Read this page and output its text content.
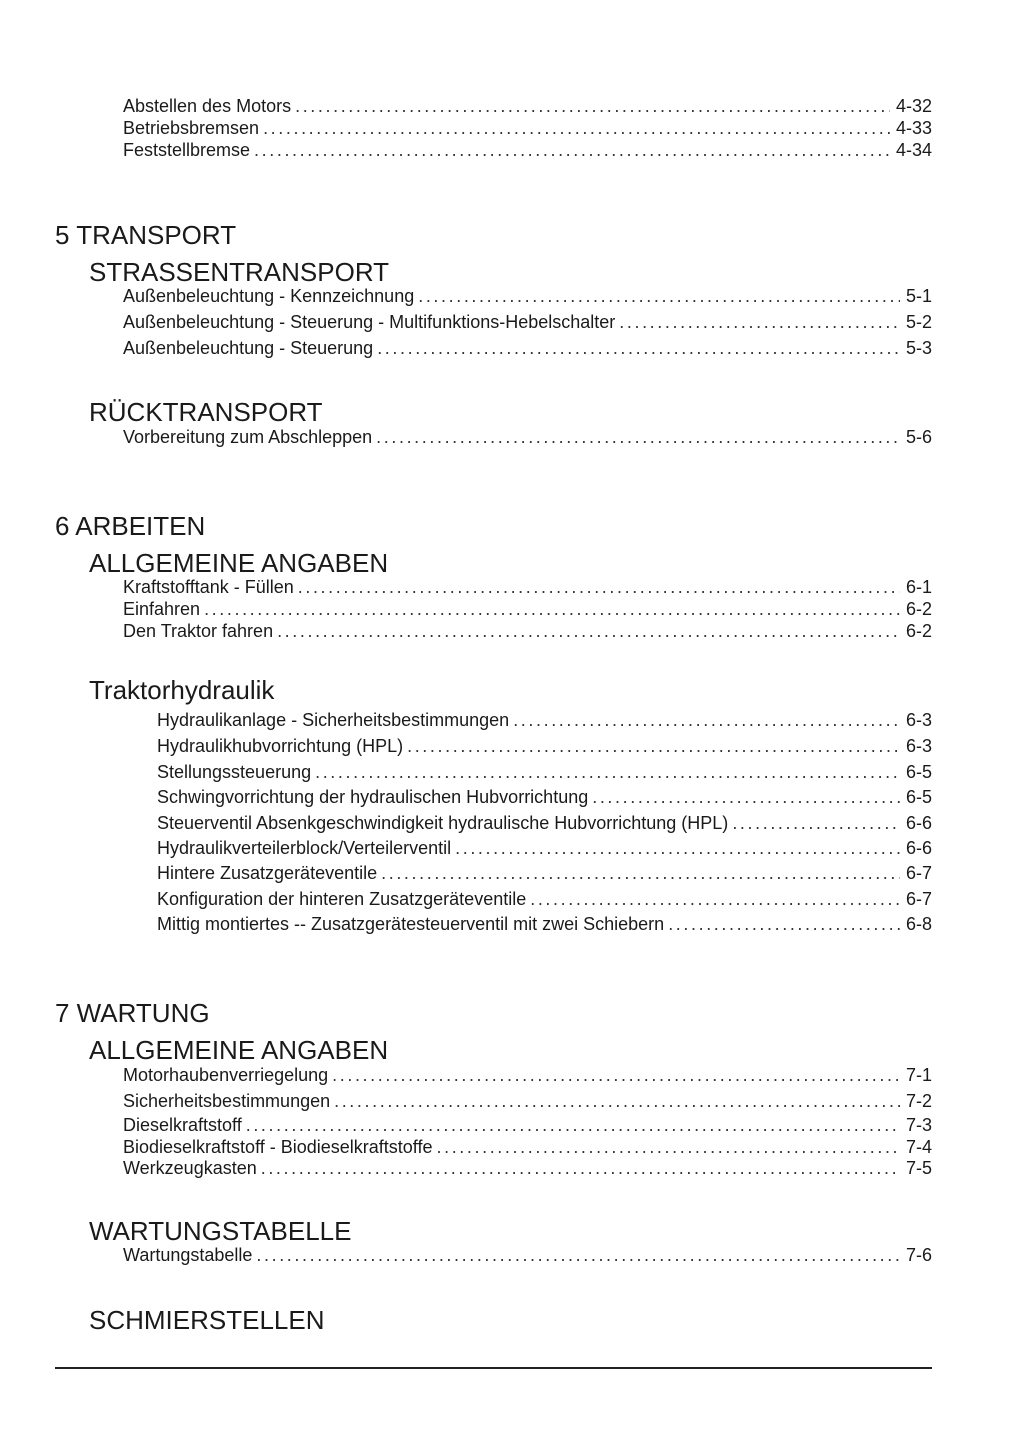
Abstellen des Motors .....	4-32
Betriebsbremsen .....	4-33
Feststellbremse .....	4-34
5 TRANSPORT
STRASSENTRANSPORT
Außenbeleuchtung - Kennzeichnung .....	5-1
Außenbeleuchtung - Steuerung - Multifunktions-Hebelschalter .....	5-2
Außenbeleuchtung - Steuerung .....	5-3
RÜCKTRANSPORT
Vorbereitung zum Abschleppen .....	5-6
6 ARBEITEN
ALLGEMEINE ANGABEN
Kraftstofftank - Füllen .....	6-1
Einfahren .....	6-2
Den Traktor fahren .....	6-2
Traktorhydraulik
Hydraulikanlage - Sicherheitsbestimmungen .....	6-3
Hydraulikhubvorrichtung (HPL) .....	6-3
Stellungssteuerung .....	6-5
Schwingvorrichtung der hydraulischen Hubvorrichtung .....	6-5
Steuerventil Absenkgeschwindigkeit hydraulische Hubvorrichtung (HPL) .....	6-6
Hydraulikverteilerblock/Verteilerventil .....	6-6
Hintere Zusatzgeräteventile .....	6-7
Konfiguration der hinteren Zusatzgeräteventile .....	6-7
Mittig montiertes -- Zusatzgerätesteuerventil mit zwei Schiebern .....	6-8
7 WARTUNG
ALLGEMEINE ANGABEN
Motorhaubenverriegelung .....	7-1
Sicherheitsbestimmungen .....	7-2
Dieselkraftstoff .....	7-3
Biodieselkraftstoff - Biodieselkraftstoffe .....	7-4
Werkzeugkasten .....	7-5
WARTUNGSTABELLE
Wartungstabelle .....	7-6
SCHMIERSTELLEN
